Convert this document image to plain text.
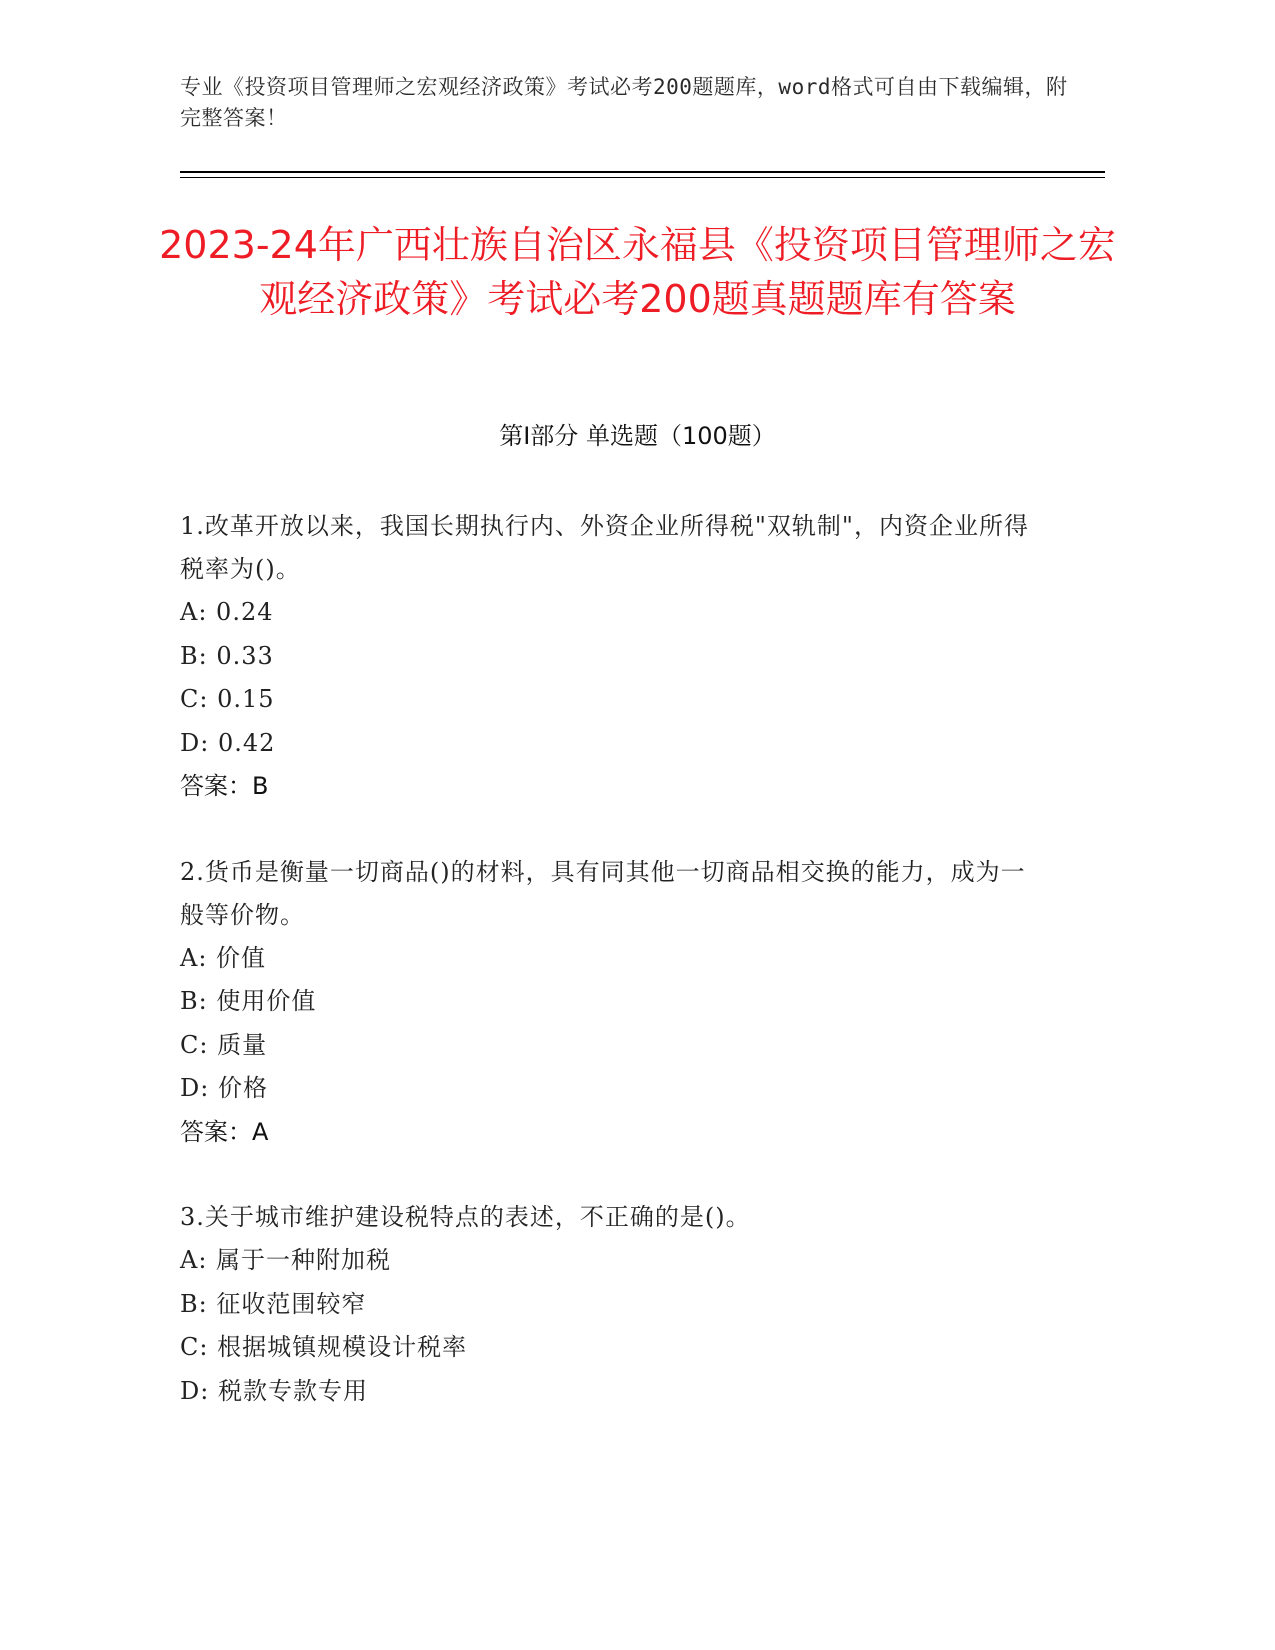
专业《投资项目管理师之宏观经济政策》考试必考200题题库，word格式可自由下载编辑，附完整答案！
2023-24年广西壮族自治区永福县《投资项目管理师之宏观经济政策》考试必考200题真题题库有答案
第Ⅰ部分 单选题（100题）
1.改革开放以来，我国长期执行内、外资企业所得税"双轨制"，内资企业所得税率为()。
A: 0.24
B: 0.33
C: 0.15
D: 0.42
答案：B
2.货币是衡量一切商品()的材料，具有同其他一切商品相交换的能力，成为一般等价物。
A: 价值
B: 使用价值
C: 质量
D: 价格
答案：A
3.关于城市维护建设税特点的表述，不正确的是()。
A: 属于一种附加税
B: 征收范围较窄
C: 根据城镇规模设计税率
D: 税款专款专用
